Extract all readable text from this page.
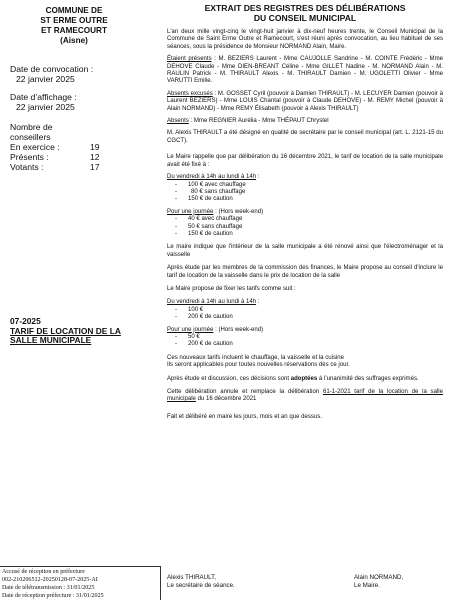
COMMUNE DE
ST ERME OUTRE
ET RAMECOURT
(Aisne)
Date de convocation :
22 janvier 2025
Date d’affichage :
22 janvier 2025
Nombre de
conseillers
En exercice :	19
Présents :	12
Votants :	17
07-2025
TARIF DE LOCATION DE LA SALLE MUNICIPALE
EXTRAIT DES REGISTRES DES DÉLIBÉRATIONS
DU CONSEIL MUNICIPAL

L'an deux mille vingt-cinq le vingt-huit janvier à dix-neuf heures trente, le Conseil Municipal de la Commune de Saint Erme Outre et Ramecourt, s'est réuni après convocation, au lieu habituel de ses séances, sous la présidence de Monsieur NORMAND Alain, Maire.

Étaient présents : M. BEZIERS Laurent - Mme CAUJOLLE Sandrine - M. COINTE Frédéric - Mme DEHOVE Claude - Mme DIEN-BREANT Céline - Mme GILLET Nadine - M. NORMAND Alain - M. RAULIN Patrick - M. THIRAULT Alexis - M. THIRAULT Damien - M. UGOLETTI Olivier - Mme VARUTTI Emilie.

Absents excusés : M. GOSSET Cyril (pouvoir à Damien THIRAULT) - M. LECUYER Damien (pouvoir à Laurent BEZIERS) - Mme LOUIS Chantal (pouvoir à Claude DEHOVE) - M. REMY Michel (pouvoir à Alain NORMAND) - Mme REMY Élisabeth (pouvoir à Alexis THIRAULT)

Absents : Mme REGNIER Aurélia - Mme THÉPAUT Chrystel

M. Alexis THIRAULT a été désigné en qualité de secrétaire par le conseil municipal (art. L. 2121-15 du CGCT).

Le Maire rappelle que par délibération du 16 décembre 2021, le tarif de location de la salle municipale avait été fixé à :

Du vendredi à 14h au lundi à 14h :

- 100 € avec chauffage
- 80 € sans chauffage
- 150 € de caution

Pour une journée : (Hors week-end)

- 40 € avec chauffage
- 50 € sans chauffage
- 150 € de caution

Le maire indique que l'intérieur de la salle municipale a été rénové ainsi que l'électroménager et la vaisselle

Après étude par les membres de la commission des finances, le Maire propose au conseil d'inclure le tarif de location de la vaisselle dans le prix de location de la salle

Le Maire propose de fixer les tarifs comme suit :

Du vendredi à 14h au lundi à 14h :

- 100 €
- 200 € de caution

Pour une journée : (Hors week-end)

- 50 €
- 200 € de caution

Ces nouveaux tarifs incluent le chauffage, la vaisselle et la cuisine

Ils seront applicables pour toutes nouvelles réservations dès ce jour.

Après étude et discussion, ces décisions sont adoptées à l’unanimité des suffrages exprimés.

Cette délibération annule et remplace la délibération 61-1-2021 tarif de la location de la salle municipale du 16 décembre 2021

Fait et délibéré en maire les jours, mois et an que dessus.

Alexis THIRAULT,
Le secrétaire de séance.
Alain NORMAND,
Le Maire.
Accusé de réception en préfecture
002-210206512-20250128-07-2025-AI
Date de télétransmission : 31/01/2025
Date de réception préfecture : 31/01/2025
